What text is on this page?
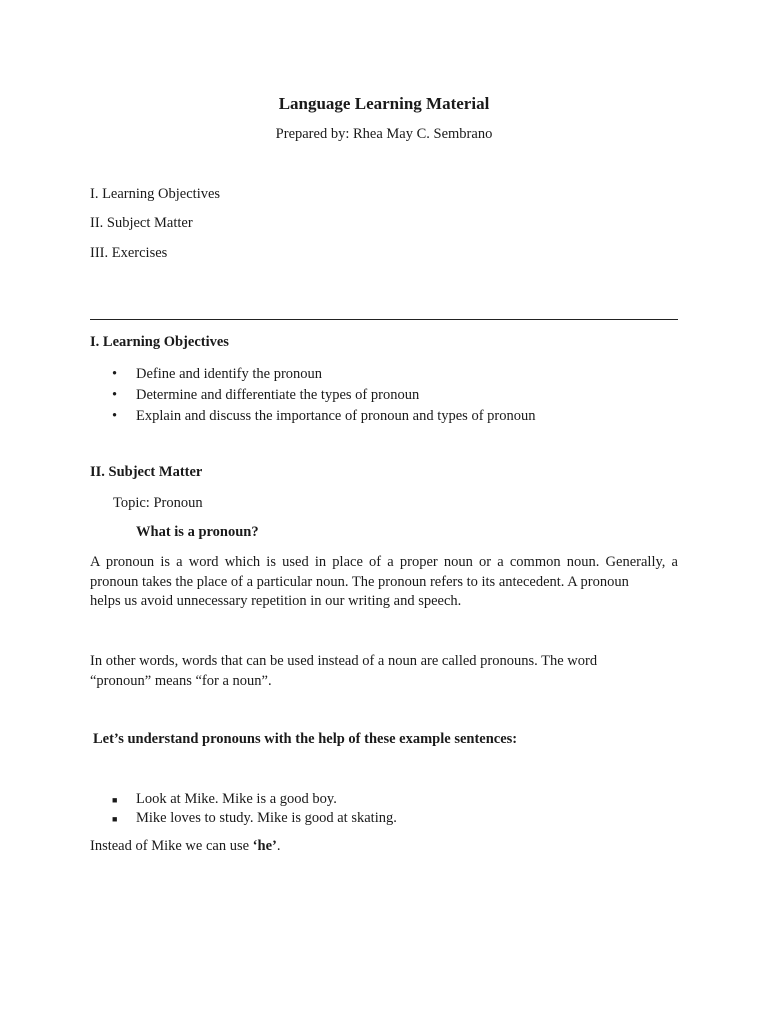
Language Learning Material
Prepared by: Rhea May C. Sembrano
I. Learning Objectives
II. Subject Matter
III. Exercises
I. Learning Objectives
• Define and identify the pronoun
• Determine and differentiate the types of pronoun
• Explain and discuss the importance of pronoun and types of pronoun
II. Subject Matter
Topic: Pronoun
What is a pronoun?

A pronoun is a word which is used in place of a proper noun or a common noun. Generally, a pronoun takes the place of a particular noun. The pronoun refers to its antecedent. A pronoun
helps us avoid unnecessary repetition in our writing and speech.

In other words, words that can be used instead of a noun are called pronouns. The word
“pronoun” means “for a noun”.

Let’s understand pronouns with the help of these example sentences:
■ Look at Mike. Mike is a good boy.
■ Mike loves to study. Mike is good at skating.
Instead of Mike we can use ‘he’.
